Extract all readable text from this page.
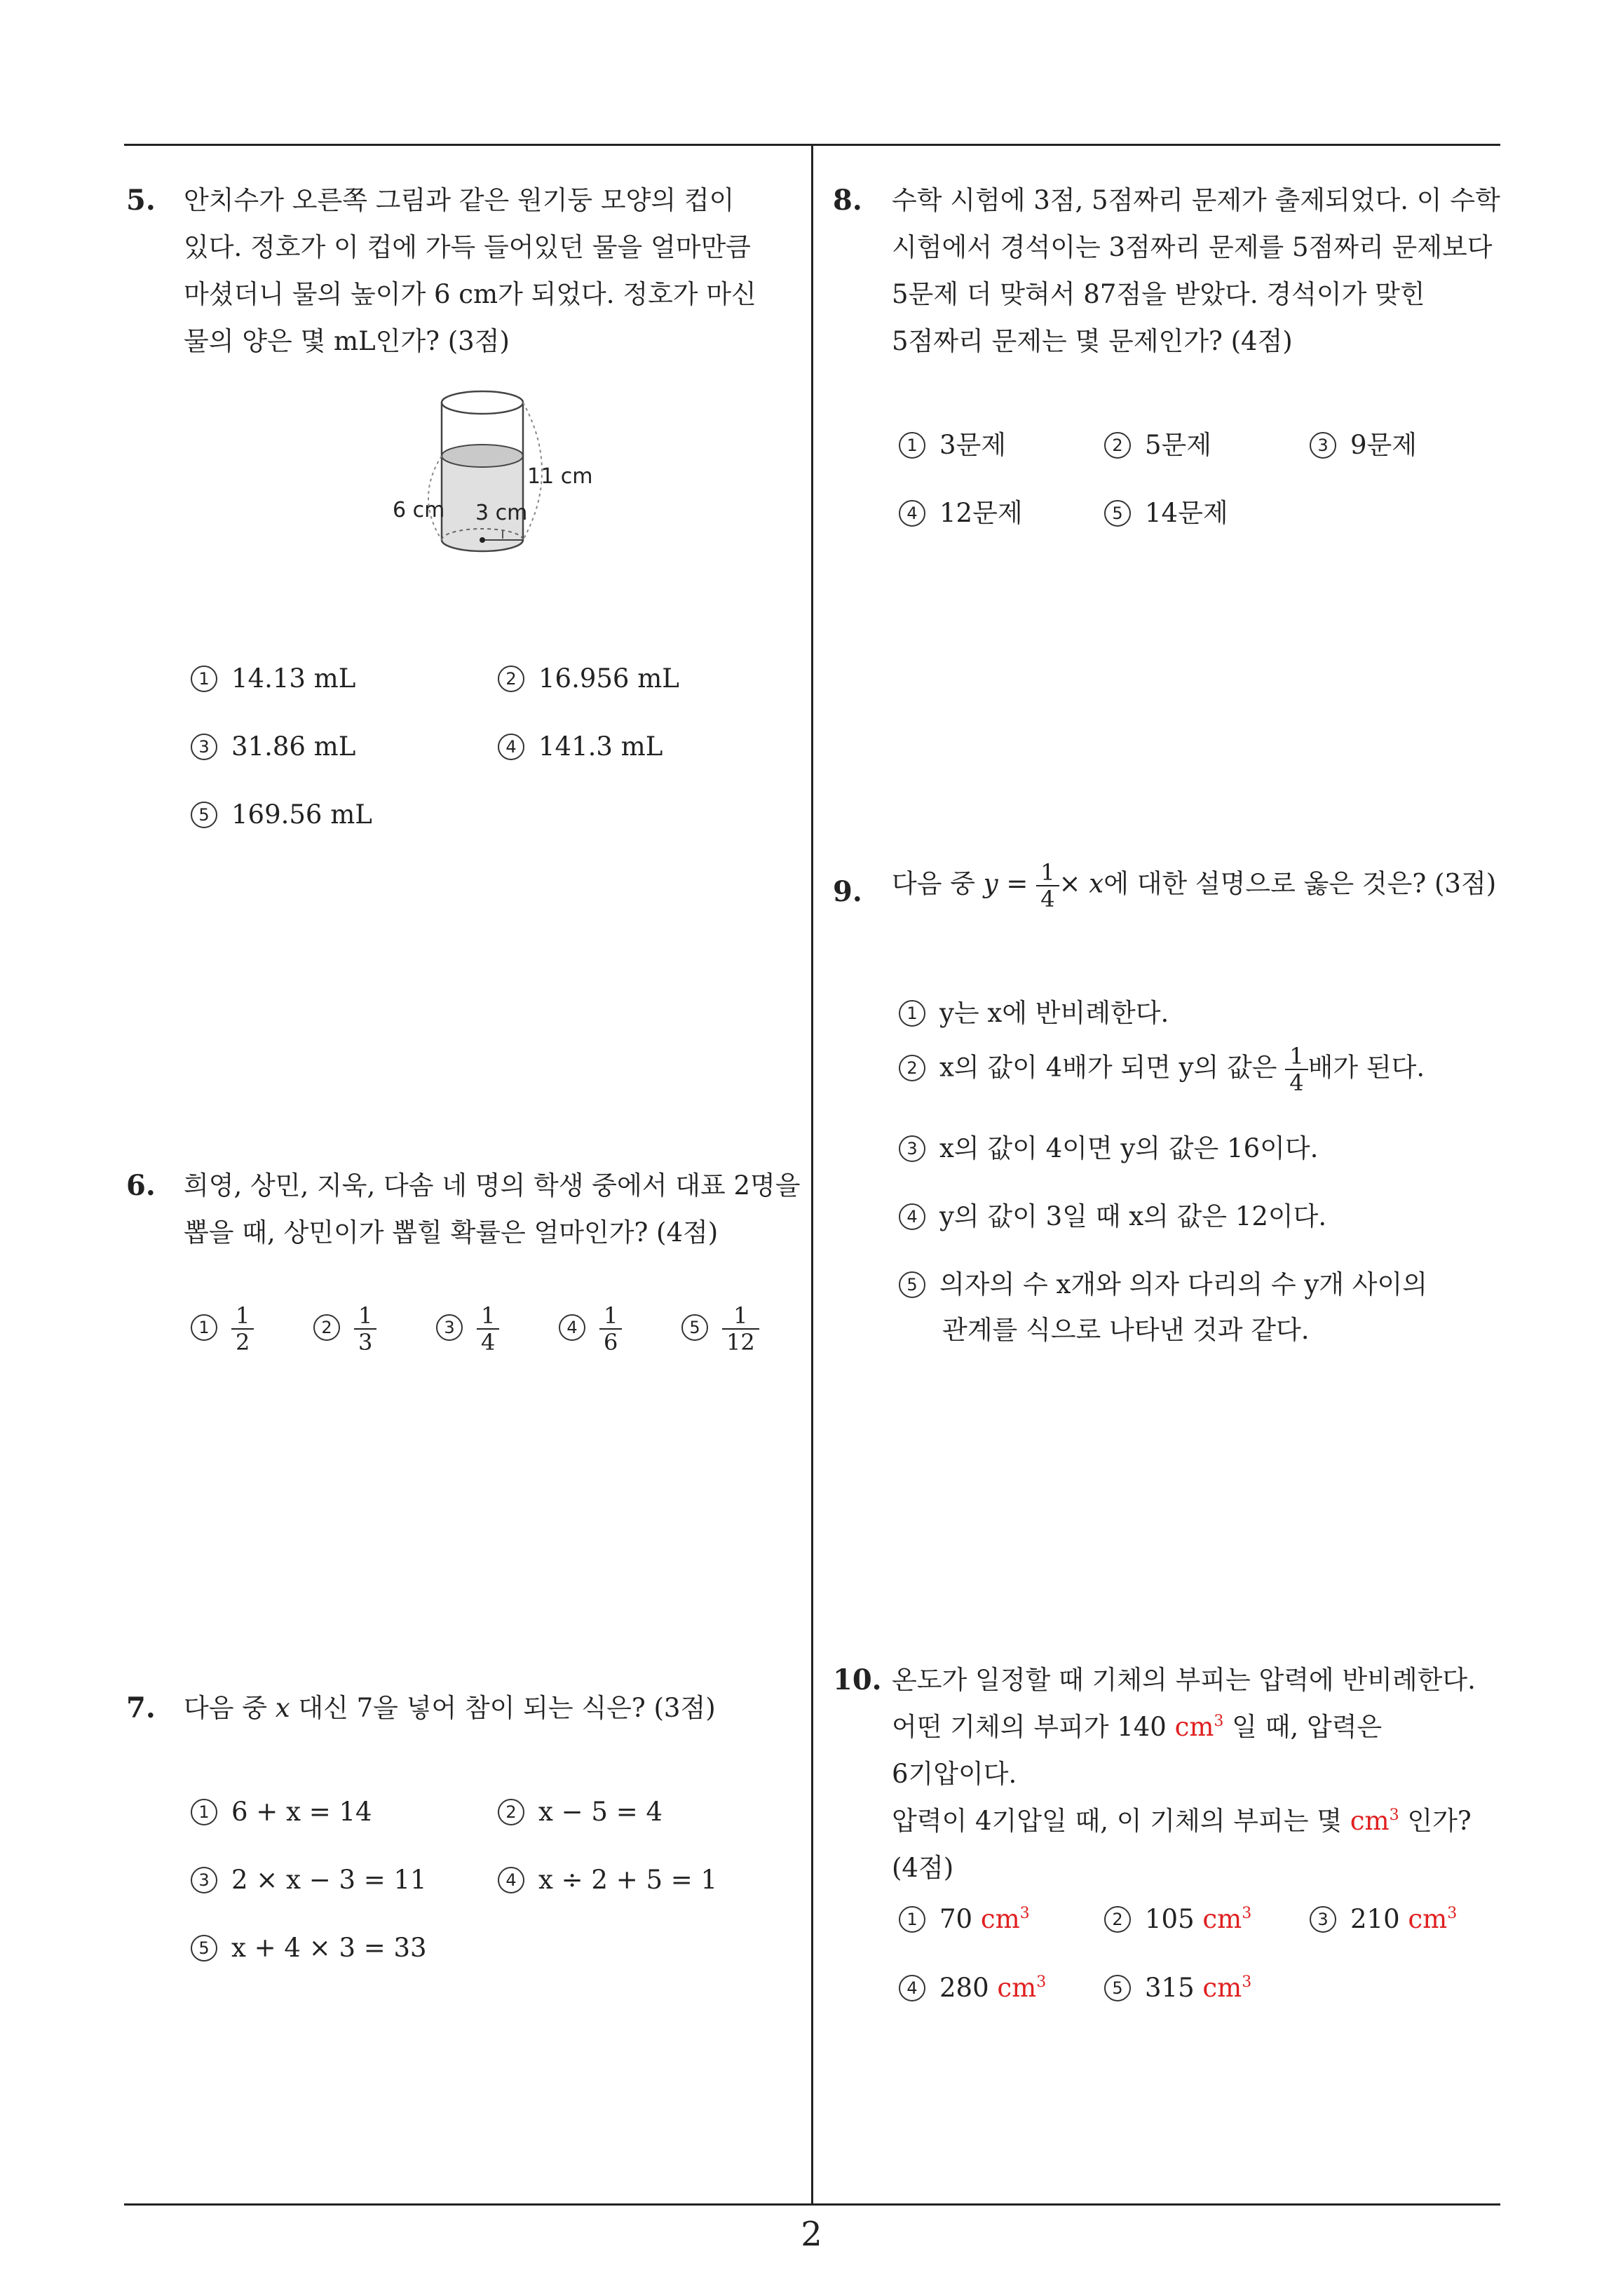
5. 안치수가 오른쪽 그림과 같은 원기둥 모양의 컵이 있다. 정호가 이 컵에 가득 들어있던 물을 얼마만큼 마셨더니 물의 높이가 6 cm가 되었다. 정호가 마신 물의 양은 몇 mL인가? (3점)
11 cm
6 cm 3 cm
1 14.13 mL	2 16.956 mL
3 31.86 mL	4 141.3 mL
5 169.56 mL
6. 희영, 상민, 지욱, 다솜 네 명의 학생 중에서 대표 2명을 뽑을 때, 상민이가 뽑힐 확률은 얼마인가? (4점)
$1 \frac{1}{2}$	$2 \frac{1}{3}$	$3 \frac{1}{4}$	$4 \frac{1}{6}$	$5 \frac{1}{12}$
7. 다음 중 x 대신 7을 넣어 참이 되는 식은? (3점)
1 6 + x = 14	2 x − 5 = 4
3 2 × x − 3 = 11	4 x ÷ 2 + 5 = 1
5 x + 4 × 3 = 33
8. 수학 시험에 3점, 5점짜리 문제가 출제되었다. 이 수학 시험에서 경석이는 3점짜리 문제를 5점짜리 문제보다 5문제 더 맞혀서 87점을 받았다. 경석이가 맞힌 5점짜리 문제는 몇 문제인가? (4점)
1 3문제	2 5문제	3 9문제
4 12문제	5 14문제
9. 다음 중 $y = \frac{1}{4} \times x$에 대한 설명으로 옳은 것은? (3점)
1 y는 x에 반비례한다.
2 x의 값이 4배가 되면 y의 값은 $\frac{1}{4}$ 배가 된다.
3 x의 값이 4이면 y의 값은 16이다.
4 y의 값이 3일 때 x의 값은 12이다.
5 의자의 수 x개와 의자 다리의 수 y개 사이의
관계를 식으로 나타낸 것과 같다.
10. 온도가 일정할 때 기체의 부피는 압력에 반비례한다.
어떤 기체의 부피가 140 $cm^3$ 일 때, 압력은 6기압이다.
압력이 4기압일 때, 이 기체의 부피는 몇 $cm^3$ 인가?
(4점)
1 70 $cm^3$	2 105 $cm^3$	3 210 $cm^3$
4 280 $cm^3$	5 315 $cm^3$
2
